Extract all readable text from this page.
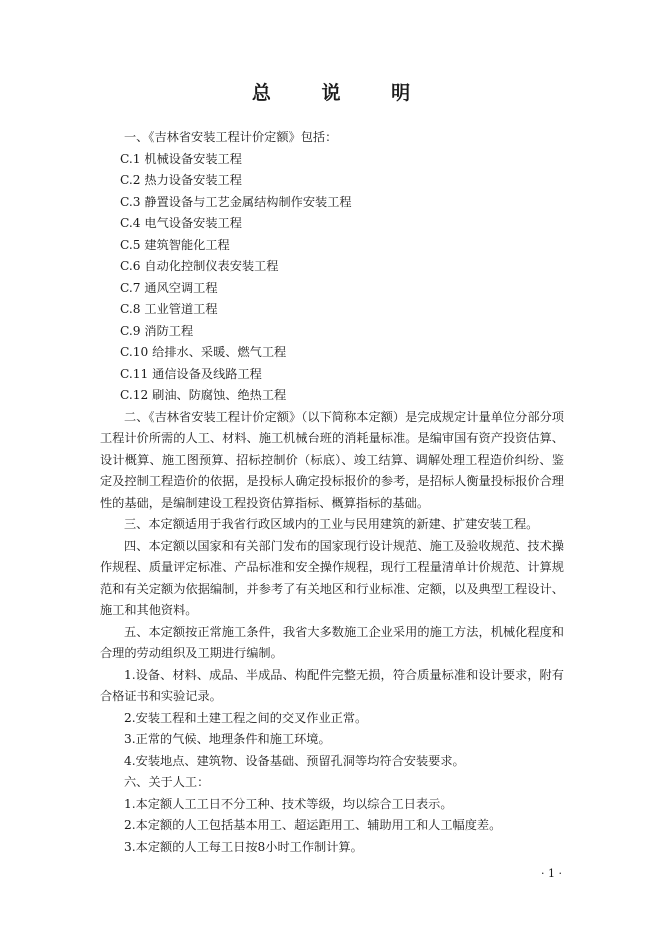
总 说 明

一、《吉林省安装工程计价定额》包括：

C.1 机械设备安装工程

C.2 热力设备安装工程

C.3 静置设备与工艺金属结构制作安装工程

C.4 电气设备安装工程

C.5 建筑智能化工程

C.6 自动化控制仪表安装工程

C.7 通风空调工程

C.8 工业管道工程

C.9 消防工程

C.10 给排水、采暖、燃气工程

C.11 通信设备及线路工程

C.12 刷油、防腐蚀、绝热工程

二、《吉林省安装工程计价定额》（以下简称本定额）是完成规定计量单位分部分项工程计价所需的人工、材料、施工机械台班的消耗量标准。是编审国有资产投资估算、设计概算、施工图预算、招标控制价（标底）、竣工结算、调解处理工程造价纠纷、鉴定及控制工程造价的依据，是投标人确定投标报价的参考，是招标人衡量投标报价合理性的基础，是编制建设工程投资估算指标、概算指标的基础。

三、本定额适用于我省行政区域内的工业与民用建筑的新建、扩建安装工程。

四、本定额以国家和有关部门发布的国家现行设计规范、施工及验收规范、技术操作规程、质量评定标准、产品标准和安全操作规程，现行工程量清单计价规范、计算规范和有关定额为依据编制，并参考了有关地区和行业标准、定额，以及典型工程设计、施工和其他资料。

五、本定额按正常施工条件，我省大多数施工企业采用的施工方法，机械化程度和合理的劳动组织及工期进行编制。

1.设备、材料、成品、半成品、构配件完整无损，符合质量标准和设计要求，附有合格证书和实验记录。

2.安装工程和土建工程之间的交叉作业正常。

3.正常的气候、地理条件和施工环境。

4.安装地点、建筑物、设备基础、预留孔洞等均符合安装要求。

六、关于人工：

1.本定额人工工日不分工种、技术等级，均以综合工日表示。

2.本定额的人工包括基本用工、超运距用工、辅助用工和人工幅度差。

3.本定额的人工每工日按8小时工作制计算。

· 1 ·
